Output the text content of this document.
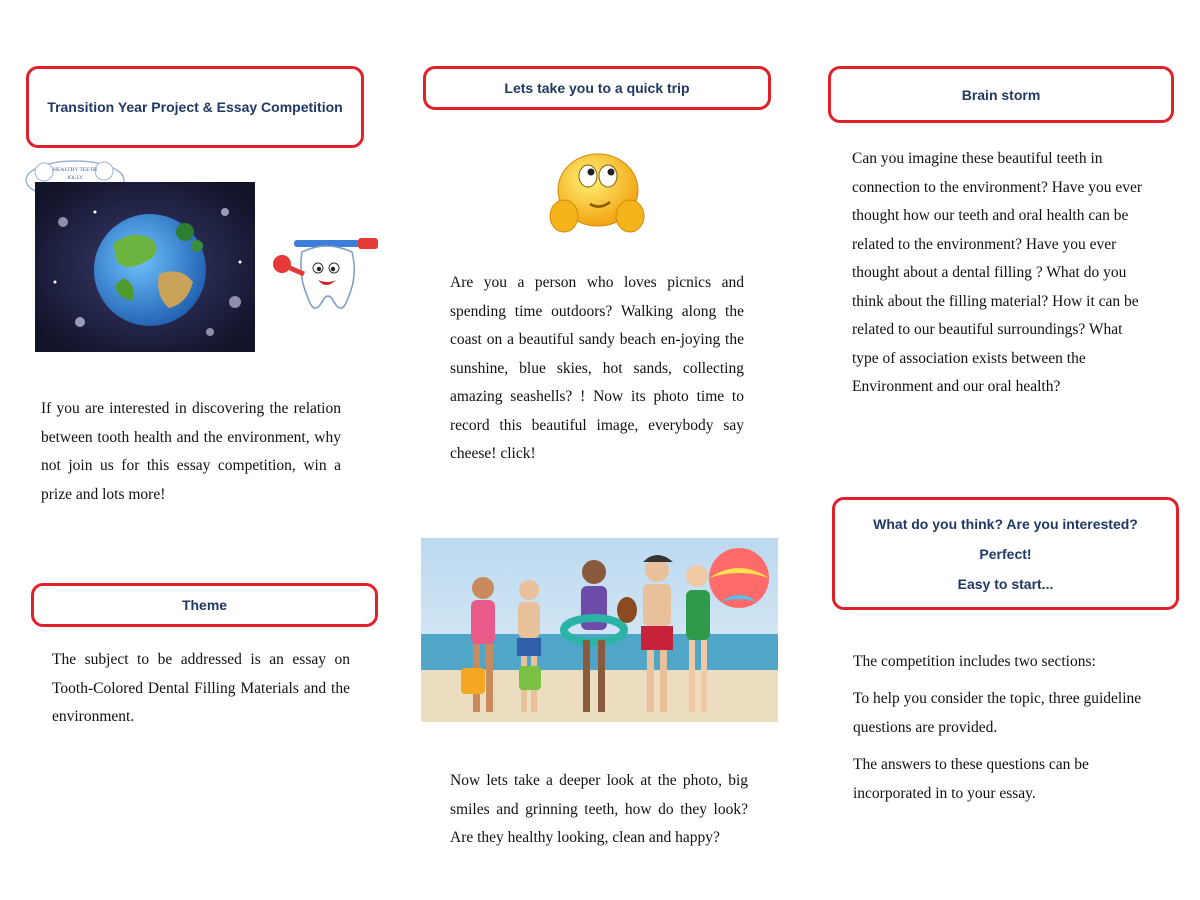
Transition Year Project & Essay Competition
HEALTHY TEETH
JOLLY
If you are interested in discovering the relation between tooth health and the environment, why not join us for this essay competition, win a prize and lots more!
Theme
The subject to be addressed is an essay on Tooth-Colored Dental Filling Materials and the environment.
Lets take you to a quick trip
Are you a person who loves picnics and spending time outdoors? Walking along the coast on a beautiful sandy beach en-joying the sunshine, blue skies, hot sands, collecting amazing seashells? ! Now its photo time to record this beautiful image, everybody say cheese! click!
Now lets take a deeper look at the photo, big smiles and grinning teeth, how do they look? Are they healthy looking, clean and happy?
Brain storm
Can you imagine these beautiful teeth in connection to the environment? Have you ever thought how our teeth and oral health can be related to the environment? Have you ever thought about a dental filling ? What do you think about the filling material? How it can be related to our beautiful surroundings? What type of association exists between the Environment and our oral health?
What do you think? Are you interested?
Perfect!
Easy to start...
The competition includes two sections:
To help you consider the topic, three guideline questions are provided.
The answers to these questions can be incorporated in to your essay.
